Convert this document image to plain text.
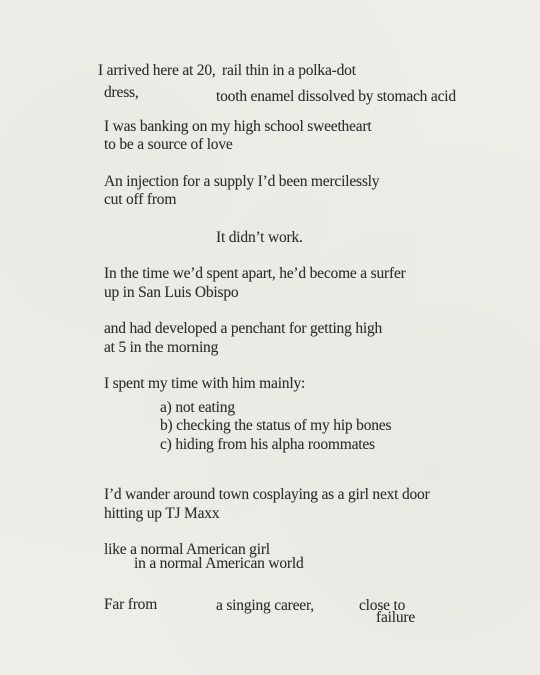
I arrived here at 20, rail thin in a polka-dot
dress,	tooth enamel dissolved by stomach acid
I was banking on my high school sweetheart
to be a source of love
An injection for a supply I’d been mercilessly
cut off from
It didn’t work.
In the time we’d spent apart, he’d become a surfer
up in San Luis Obispo
and had developed a penchant for getting high
at 5 in the morning
I spent my time with him mainly:
a) not eating
b) checking the status of my hip bones
c) hiding from his alpha roommates
I’d wander around town cosplaying as a girl next door
hitting up TJ Maxx
like a normal American girl
in a normal American world
Far from	a singing career,	close to
failure
